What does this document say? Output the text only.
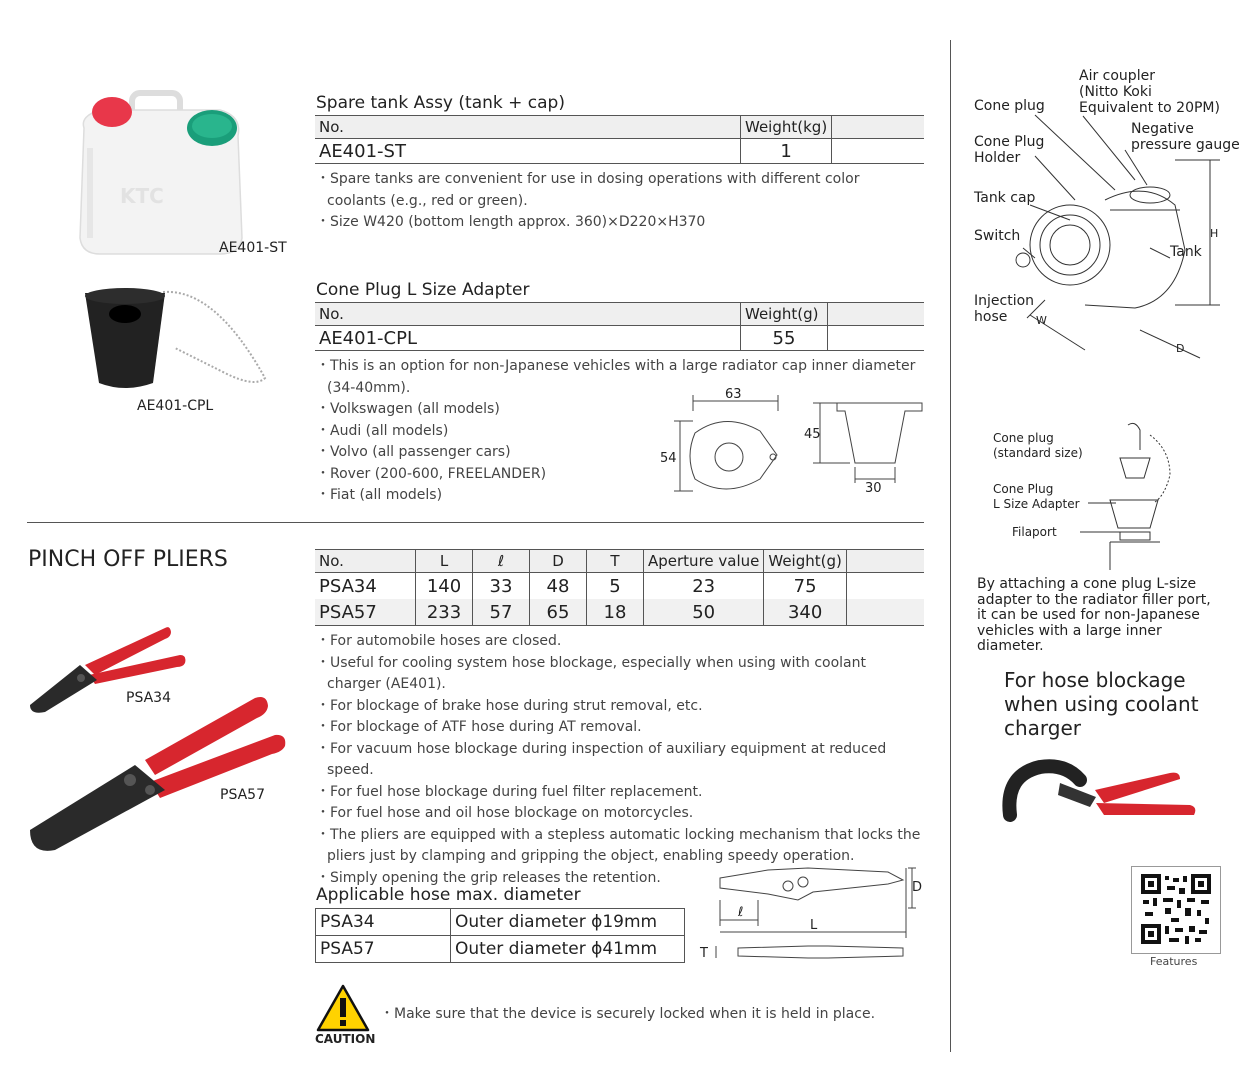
KTC
AE401-ST
AE401-CPL
Spare tank Assy (tank + cap)
No.	Weight(kg)	
AE401-ST	1	
・Spare tanks are convenient for use in dosing operations with different color coolants (e.g., red or green).
・Size W420 (bottom length approx. 360)×D220×H370
Cone Plug L Size Adapter
No.	Weight(g)	
AE401-CPL	55	
・This is an option for non-Japanese vehicles with a large radiator cap inner diameter (34-40mm).
・Volkswagen (all models)
・Audi (all models)
・Volvo (all passenger cars)
・Rover (200-600, FREELANDER)
・Fiat (all models)
63
54
45
30
PINCH OFF PLIERS
PSA34
PSA57
No.	L	ℓ	D	T	Aperture value	Weight(g)	
PSA34	140	33	48	5	23	75	
PSA57	233	57	65	18	50	340	
・For automobile hoses are closed.
・Useful for cooling system hose blockage, especially when using with coolant charger (AE401).
・For blockage of brake hose during strut removal, etc.
・For blockage of ATF hose during AT removal.
・For vacuum hose blockage during inspection of auxiliary equipment at reduced speed.
・For fuel hose blockage during fuel filter replacement.
・For fuel hose and oil hose blockage on motorcycles.
・The pliers are equipped with a stepless automatic locking mechanism that locks the pliers just by clamping and gripping the object, enabling speedy operation.
・Simply opening the grip releases the retention.
Applicable hose max. diameter
PSA34	Outer diameter ϕ19mm
PSA57	Outer diameter ϕ41mm
D
ℓ
L
T
CAUTION
・Make sure that the device is securely locked when it is held in place.
Cone plug
Air coupler
(Nitto Koki
Equivalent to 20PM)
Negative
pressure gauge
Cone Plug
Holder
Tank cap
Switch
Tank
Injection
hose
H
W
D
Cone plug
(standard size)
Cone Plug
L Size Adapter
Filaport
By attaching a cone plug L-size adapter to the radiator filler port, it can be used for non-Japanese vehicles with a large inner diameter.
For hose blockage when using coolant charger
Features
